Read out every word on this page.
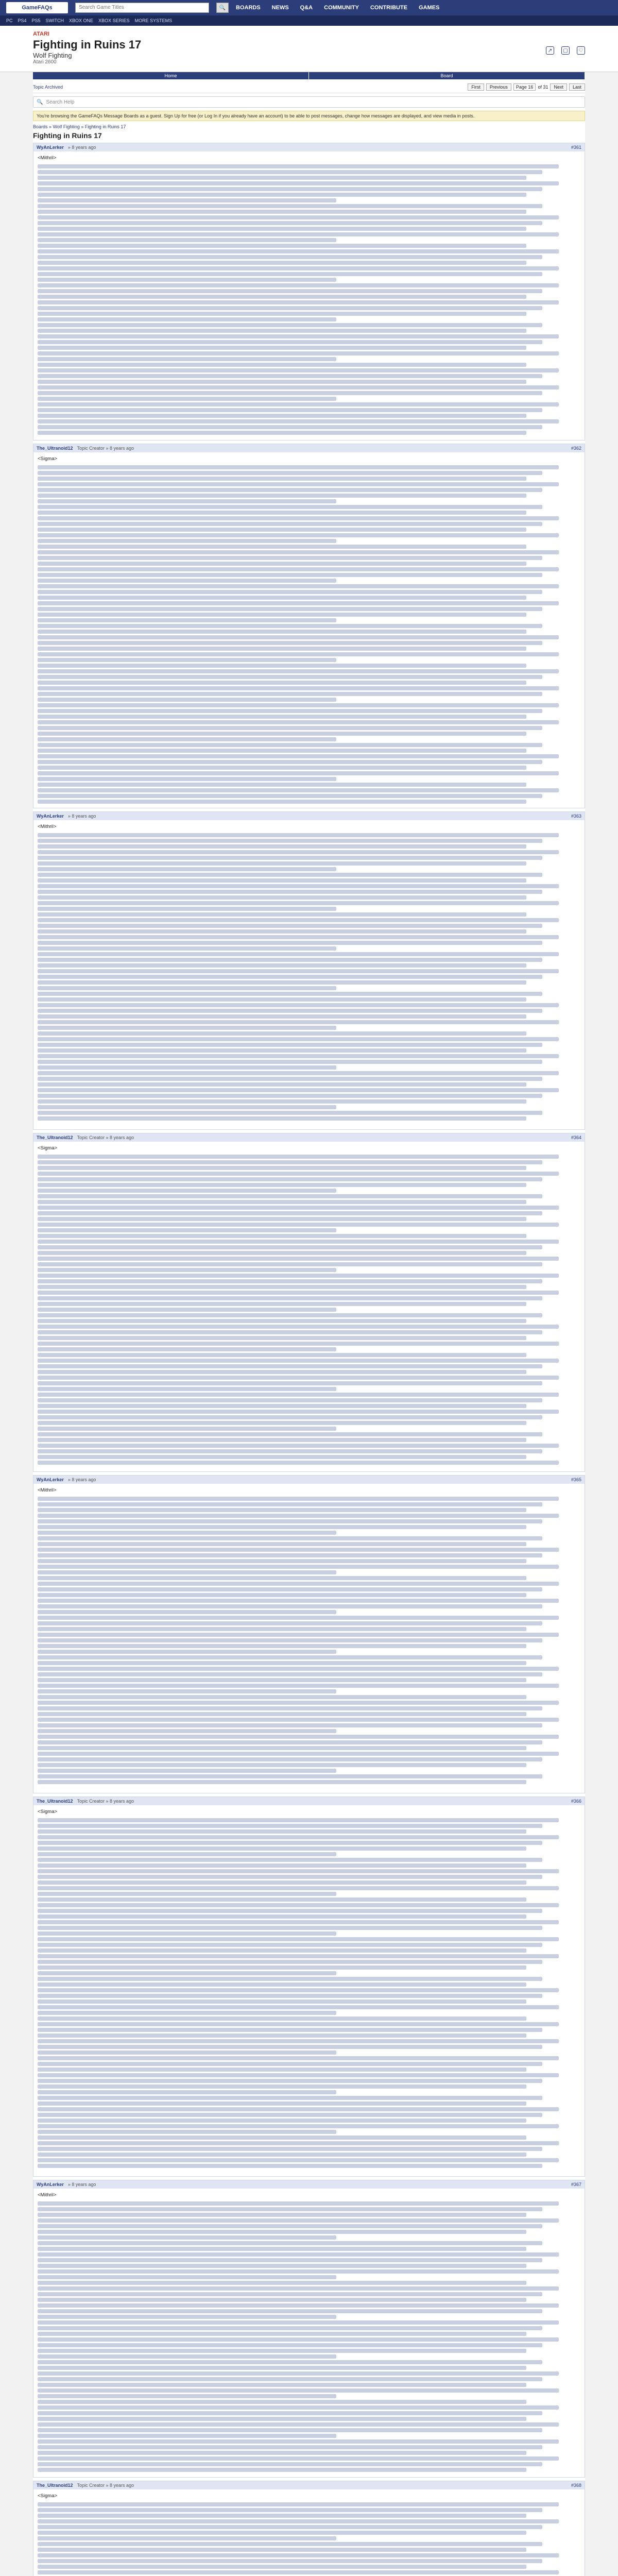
GameFAQs	Search Game Titles	🔍	BOARDS NEWS Q&A COMMUNITY CONTRIBUTE GAMES
PC PS4 PS5 SWITCH XBOX ONE XBOX SERIES MORE SYSTEMS
ATARI
Fighting in Ruins 17
Wolf Fighting
Atari 2600
↗	▢	♡
Home	Board
Topic Archived	First	Previous	Page 16	of 31	Next	Last
🔍 Search Help
You're browsing the GameFAQs Message Boards as a guest. Sign Up for free (or Log In if you already have an account) to be able to post messages, change how messages are displayed, and view media in posts.
Boards » Wolf Fighting » Fighting in Ruins 17
Fighting in Ruins 17
WyAnLerker » 8 years ago	#361

<Mithril>

The_Ultranoid12 Topic Creator » 8 years ago	#362

<Sigma>

WyAnLerker » 8 years ago	#363

<Mithril>

The_Ultranoid12 Topic Creator » 8 years ago	#364

<Sigma>

WyAnLerker » 8 years ago	#365

<Mithril>

The_Ultranoid12 Topic Creator » 8 years ago	#366

<Sigma>

WyAnLerker » 8 years ago	#367

<Mithril>

The_Ultranoid12 Topic Creator » 8 years ago	#368

<Sigma>
